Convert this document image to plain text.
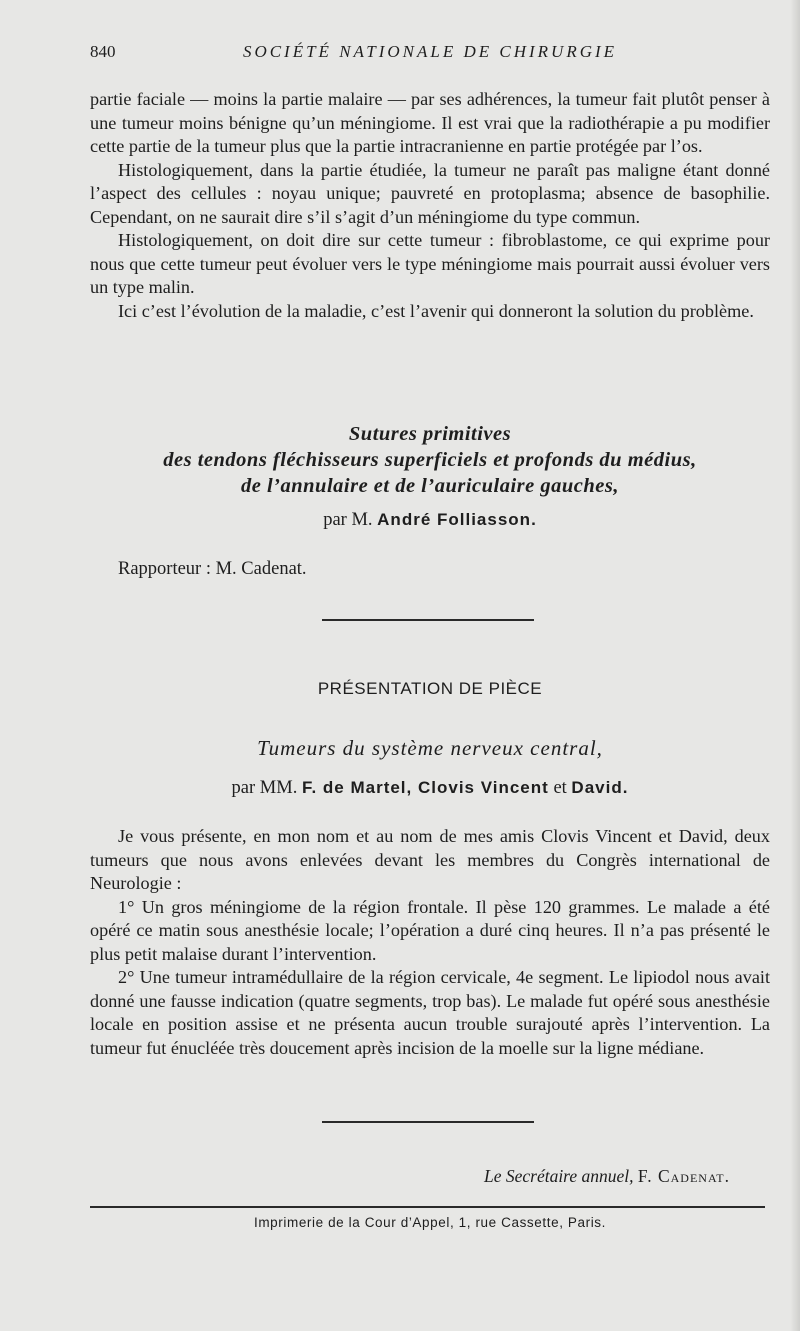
840	SOCIÉTÉ NATIONALE DE CHIRURGIE

partie faciale — moins la partie malaire — par ses adhérences, la tumeur fait plutôt penser à une tumeur moins bénigne qu’un méningiome. Il est vrai que la radiothérapie a pu modifier cette partie de la tumeur plus que la partie intracranienne en partie protégée par l’os.

Histologiquement, dans la partie étudiée, la tumeur ne paraît pas maligne étant donné l’aspect des cellules : noyau unique; pauvreté en protoplasma; absence de basophilie. Cependant, on ne saurait dire s’il s’agit d’un méningiome du type commun.

Histologiquement, on doit dire sur cette tumeur : fibroblastome, ce qui exprime pour nous que cette tumeur peut évoluer vers le type méningiome mais pourrait aussi évoluer vers un type malin.

Ici c’est l’évolution de la maladie, c’est l’avenir qui donneront la solution du problème.

Sutures primitives
des tendons fléchisseurs superficiels et profonds du médius,
de l’annulaire et de l’auriculaire gauches,
par M. André Folliasson.
Rapporteur : M. Cadenat.
PRÉSENTATION DE PIÈCE
Tumeurs du système nerveux central,
par MM. F. de Martel, Clovis Vincent et David.

Je vous présente, en mon nom et au nom de mes amis Clovis Vincent et David, deux tumeurs que nous avons enlevées devant les membres du Congrès international de Neurologie :

1° Un gros méningiome de la région frontale. Il pèse 120 grammes. Le malade a été opéré ce matin sous anesthésie locale; l’opération a duré cinq heures. Il n’a pas présenté le plus petit malaise durant l’intervention.

2° Une tumeur intramédullaire de la région cervicale, 4e segment. Le lipiodol nous avait donné une fausse indication (quatre segments, trop bas). Le malade fut opéré sous anesthésie locale en position assise et ne présenta aucun trouble surajouté après l’intervention. La tumeur fut énucléée très doucement après incision de la moelle sur la ligne médiane.

Le Secrétaire annuel, F. Cadenat.
Imprimerie de la Cour d’Appel, 1, rue Cassette, Paris.
